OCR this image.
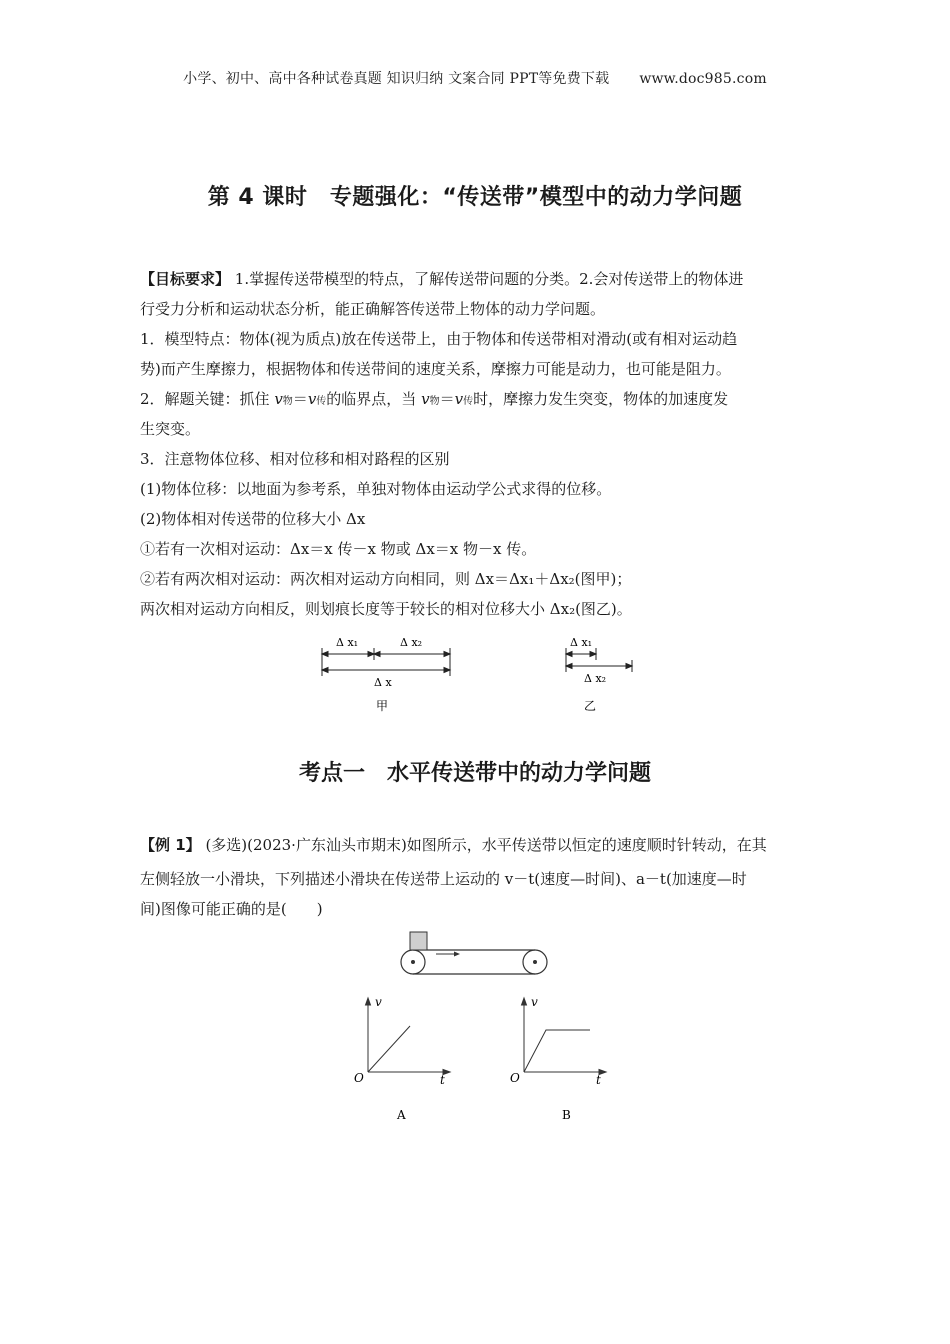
小学、初中、高中各种试卷真题 知识归纳 文案合同 PPT等免费下载 www.doc985.com
第 4 课时　专题强化：“传送带”模型中的动力学问题

【目标要求】 1.掌握传送带模型的特点，了解传送带问题的分类。2.会对传送带上的物体进

行受力分析和运动状态分析，能正确解答传送带上物体的动力学问题。

1．模型特点：物体(视为质点)放在传送带上，由于物体和传送带相对滑动(或有相对运动趋

势)而产生摩擦力，根据物体和传送带间的速度关系，摩擦力可能是动力，也可能是阻力。

2．解题关键：抓住 v物＝v传的临界点，当 v物＝v传时，摩擦力发生突变，物体的加速度发

生突变。

3．注意物体位移、相对位移和相对路程的区别

(1)物体位移：以地面为参考系，单独对物体由运动学公式求得的位移。

(2)物体相对传送带的位移大小 Δx

①若有一次相对运动：Δx＝x 传－x 物或 Δx＝x 物－x 传。

②若有两次相对运动：两次相对运动方向相同，则 Δx＝Δx₁＋Δx₂(图甲)；

两次相对运动方向相反，则划痕长度等于较长的相对位移大小 Δx₂(图乙)。

Δ x₁	Δ x₂
Δ x
甲
Δ x₁
Δ x₂
乙
考点一　水平传送带中的动力学问题

【例 1】 (多选)(2023·广东汕头市期末)如图所示，水平传送带以恒定的速度顺时针转动，在其

左侧轻放一小滑块，下列描述小滑块在传送带上运动的 v－t(速度—时间)、a－t(加速度—时

间)图像可能正确的是(　　)

v
O	t
A
v
O	t
B
